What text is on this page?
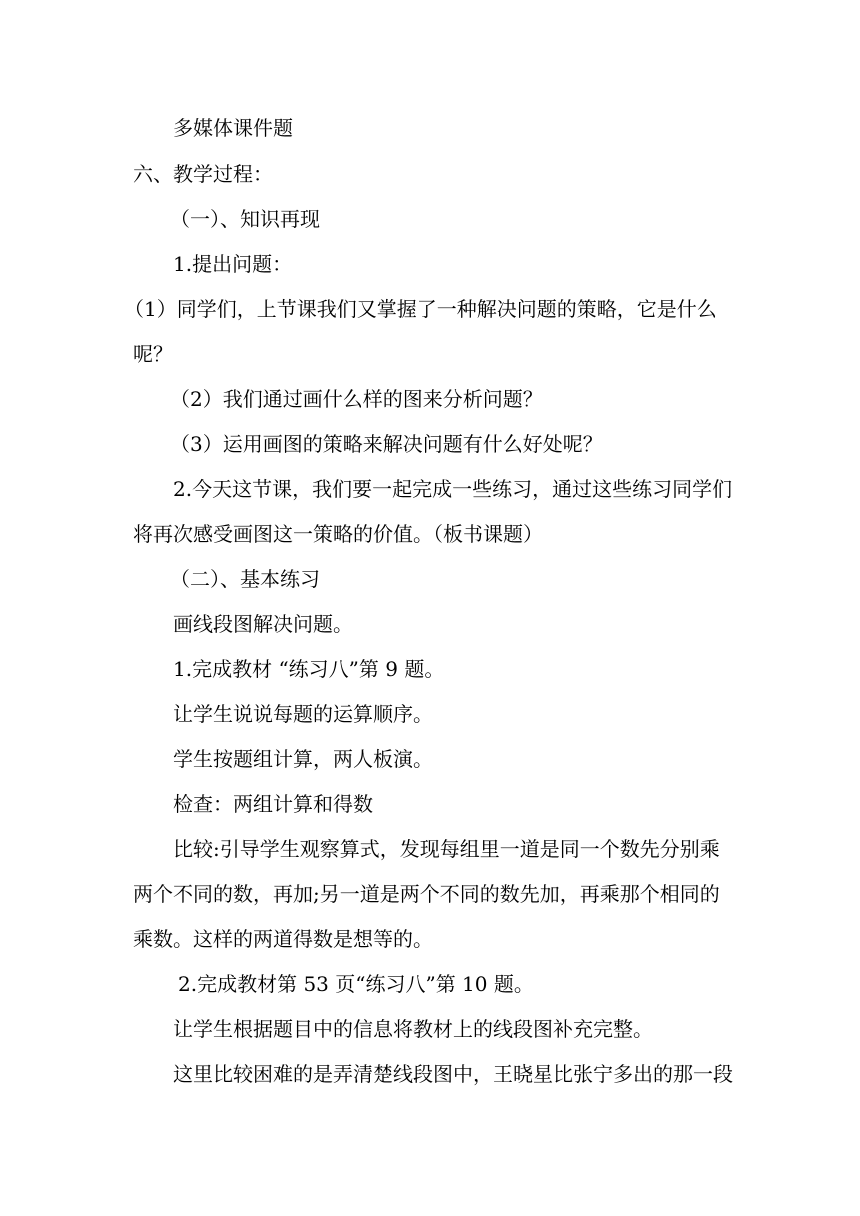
多媒体课件题
六、教学过程：
（一）、知识再现
1.提出问题：
（1）同学们，上节课我们又掌握了一种解决问题的策略，它是什么
呢？
（2）我们通过画什么样的图来分析问题？
（3）运用画图的策略来解决问题有什么好处呢？
2.今天这节课，我们要一起完成一些练习，通过这些练习同学们
将再次感受画图这一策略的价值。（板书课题）
（二）、基本练习
画线段图解决问题。
1.完成教材 “练习八”第 9 题。
让学生说说每题的运算顺序。
学生按题组计算，两人板演。
检查：两组计算和得数
比较:引导学生观察算式，发现每组里一道是同一个数先分别乘
两个不同的数，再加;另一道是两个不同的数先加，再乘那个相同的
乘数。这样的两道得数是想等的。
2.完成教材第 53 页“练习八”第 10 题。
让学生根据题目中的信息将教材上的线段图补充完整。
这里比较困难的是弄清楚线段图中，王晓星比张宁多出的那一段
